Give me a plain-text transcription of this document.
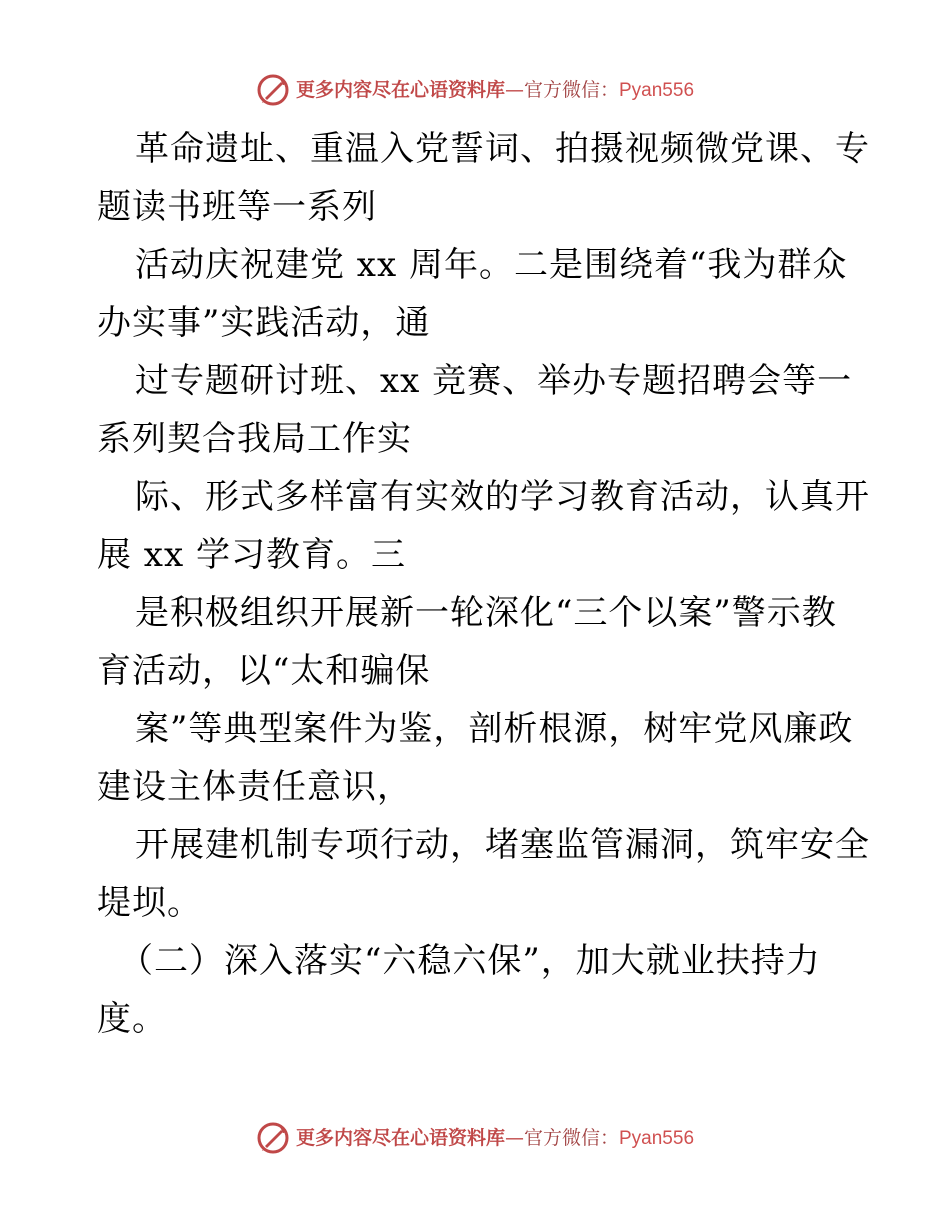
更多内容尽在心语资料库—官方微信：Pyan556
革命遗址、重温入党誓词、拍摄视频微党课、专
题读书班等一系列
活动庆祝建党 xx 周年。二是围绕着“我为群众
办实事”实践活动，通
过专题研讨班、xx 竞赛、举办专题招聘会等一
系列契合我局工作实
际、形式多样富有实效的学习教育活动，认真开
展 xx 学习教育。三
是积极组织开展新一轮深化“三个以案”警示教
育活动，以“太和骗保
案”等典型案件为鉴，剖析根源，树牢党风廉政
建设主体责任意识，
开展建机制专项行动，堵塞监管漏洞，筑牢安全
堤坝。
（二）深入落实“六稳六保”，加大就业扶持力
度。
更多内容尽在心语资料库—官方微信：Pyan556
